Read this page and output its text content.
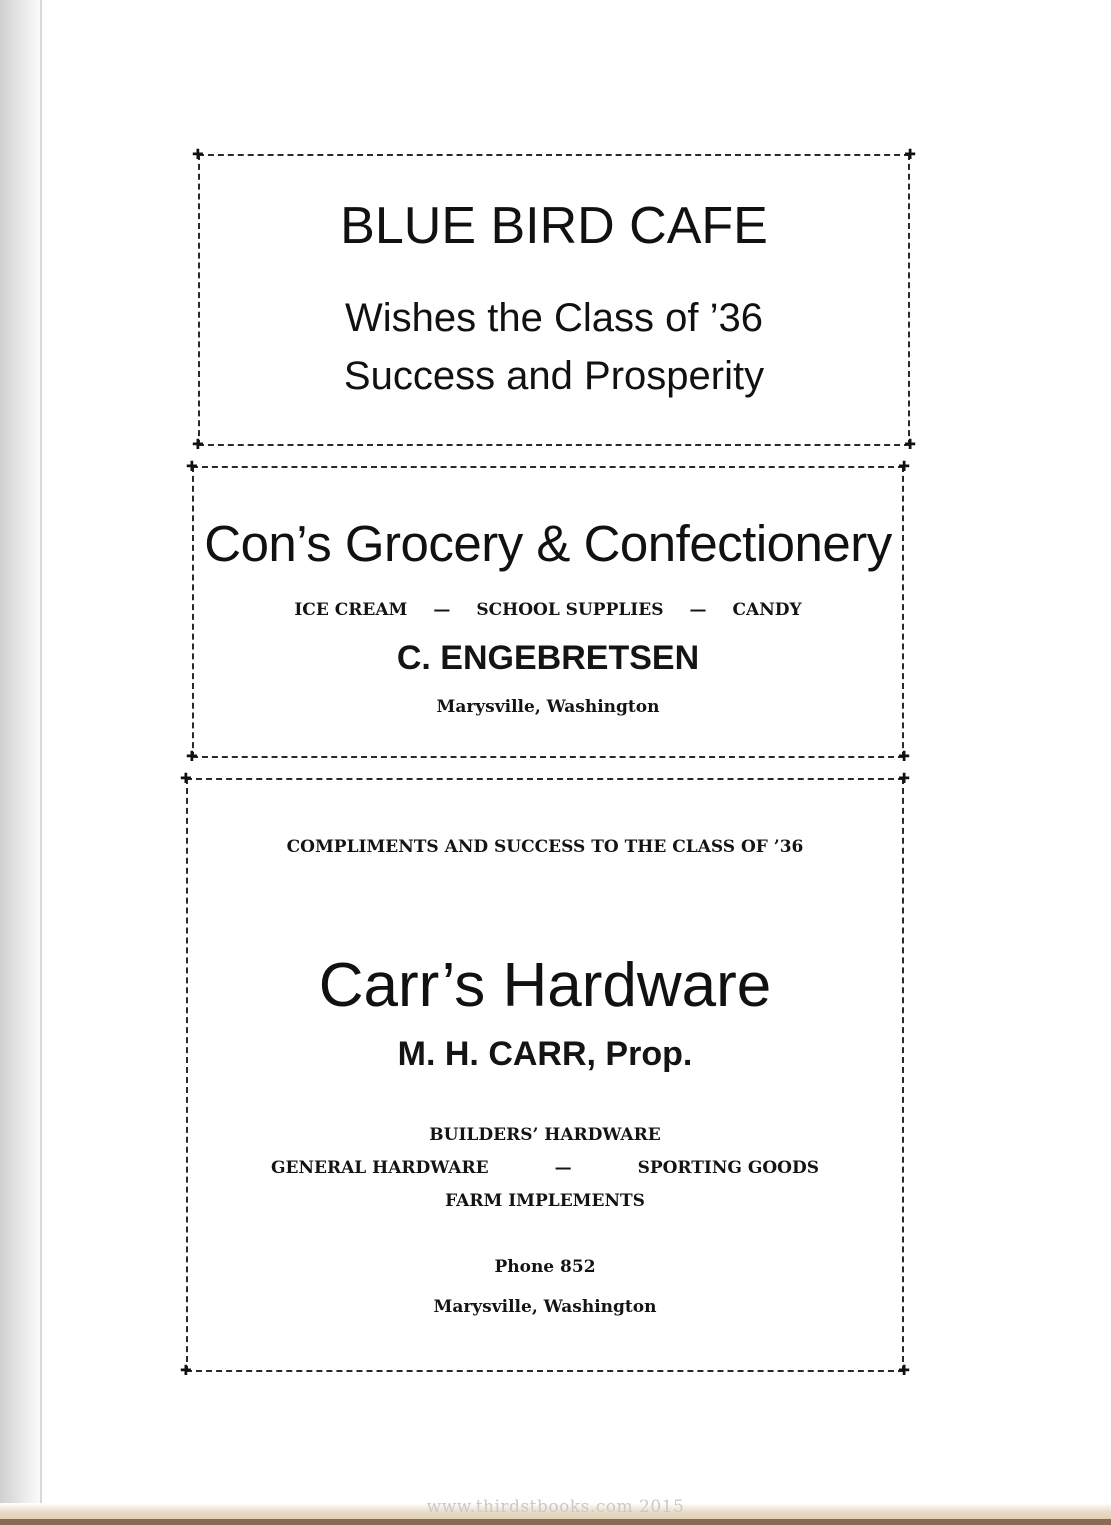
✚	✚
✚	✚
BLUE BIRD CAFE
Wishes the Class of ’36
Success and Prosperity
✚	✚
✚	✚
Con’s Grocery & Confectionery
ICE CREAM — SCHOOL SUPPLIES — CANDY
C. ENGEBRETSEN
Marysville, Washington
✚	✚
✚	✚
COMPLIMENTS AND SUCCESS TO THE CLASS OF ’36
Carr’s Hardware
M. H. CARR, Prop.
BUILDERS’ HARDWARE
GENERAL HARDWARE	—	SPORTING GOODS
FARM IMPLEMENTS
Phone 852
Marysville, Washington
www.thirdstbooks.com 2015
